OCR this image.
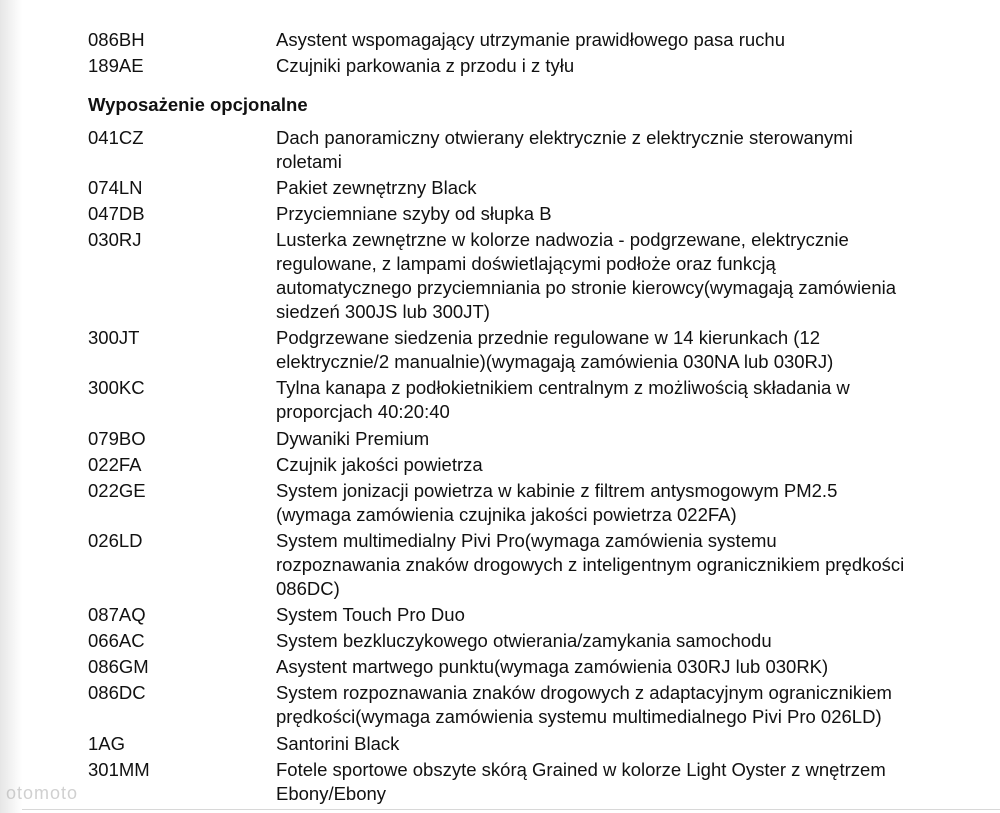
086BH	Asystent wspomagający utrzymanie prawidłowego pasa ruchu
189AE	Czujniki parkowania z przodu i z tyłu
Wyposażenie opcjonalne
041CZ	Dach panoramiczny otwierany elektrycznie z elektrycznie sterowanymi
roletami
074LN	Pakiet zewnętrzny Black
047DB	Przyciemniane szyby od słupka B
030RJ	Lusterka zewnętrzne w kolorze nadwozia - podgrzewane, elektrycznie
regulowane, z lampami doświetlającymi podłoże oraz funkcją
automatycznego przyciemniania po stronie kierowcy(wymagają zamówienia
siedzeń 300JS lub 300JT)
300JT	Podgrzewane siedzenia przednie regulowane w 14 kierunkach (12
elektrycznie/2 manualnie)(wymagają zamówienia 030NA lub 030RJ)
300KC	Tylna kanapa z podłokietnikiem centralnym z możliwością składania w
proporcjach 40:20:40
079BO	Dywaniki Premium
022FA	Czujnik jakości powietrza
022GE	System jonizacji powietrza w kabinie z filtrem antysmogowym PM2.5
(wymaga zamówienia czujnika jakości powietrza 022FA)
026LD	System multimedialny Pivi Pro(wymaga zamówienia systemu
rozpoznawania znaków drogowych z inteligentnym ogranicznikiem prędkości
086DC)
087AQ	System Touch Pro Duo
066AC	System bezkluczykowego otwierania/zamykania samochodu
086GM	Asystent martwego punktu(wymaga zamówienia 030RJ lub 030RK)
086DC	System rozpoznawania znaków drogowych z adaptacyjnym ogranicznikiem
prędkości(wymaga zamówienia systemu multimedialnego Pivi Pro 026LD)
1AG	Santorini Black
301MM	Fotele sportowe obszyte skórą Grained w kolorze Light Oyster z wnętrzem
Ebony/Ebony
otomoto
